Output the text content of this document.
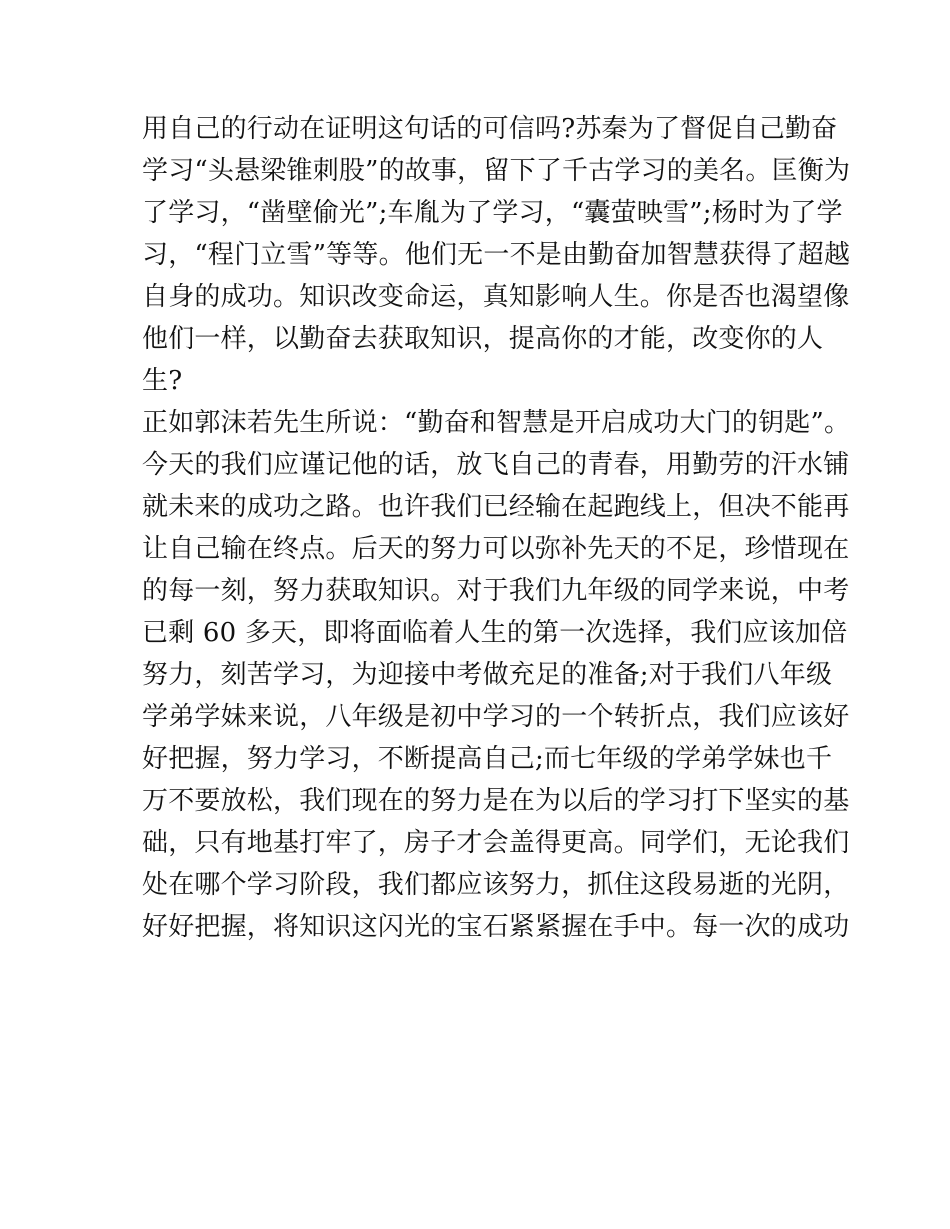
用自己的行动在证明这句话的可信吗?苏秦为了督促自己勤奋
学习“头悬梁锥刺股”的故事，留下了千古学习的美名。匡衡为
了学习，“凿壁偷光”;车胤为了学习，“囊萤映雪”;杨时为了学
习，“程门立雪”等等。他们无一不是由勤奋加智慧获得了超越
自身的成功。知识改变命运，真知影响人生。你是否也渴望像
他们一样，以勤奋去获取知识，提高你的才能，改变你的人
生?
正如郭沫若先生所说：“勤奋和智慧是开启成功大门的钥匙”。
今天的我们应谨记他的话，放飞自己的青春，用勤劳的汗水铺
就未来的成功之路。也许我们已经输在起跑线上，但决不能再
让自己输在终点。后天的努力可以弥补先天的不足，珍惜现在
的每一刻，努力获取知识。对于我们九年级的同学来说，中考
已剩 60 多天，即将面临着人生的第一次选择，我们应该加倍
努力，刻苦学习，为迎接中考做充足的准备;对于我们八年级
学弟学妹来说，八年级是初中学习的一个转折点，我们应该好
好把握，努力学习，不断提高自己;而七年级的学弟学妹也千
万不要放松，我们现在的努力是在为以后的学习打下坚实的基
础，只有地基打牢了，房子才会盖得更高。同学们，无论我们
处在哪个学习阶段，我们都应该努力，抓住这段易逝的光阴，
好好把握，将知识这闪光的宝石紧紧握在手中。每一次的成功
